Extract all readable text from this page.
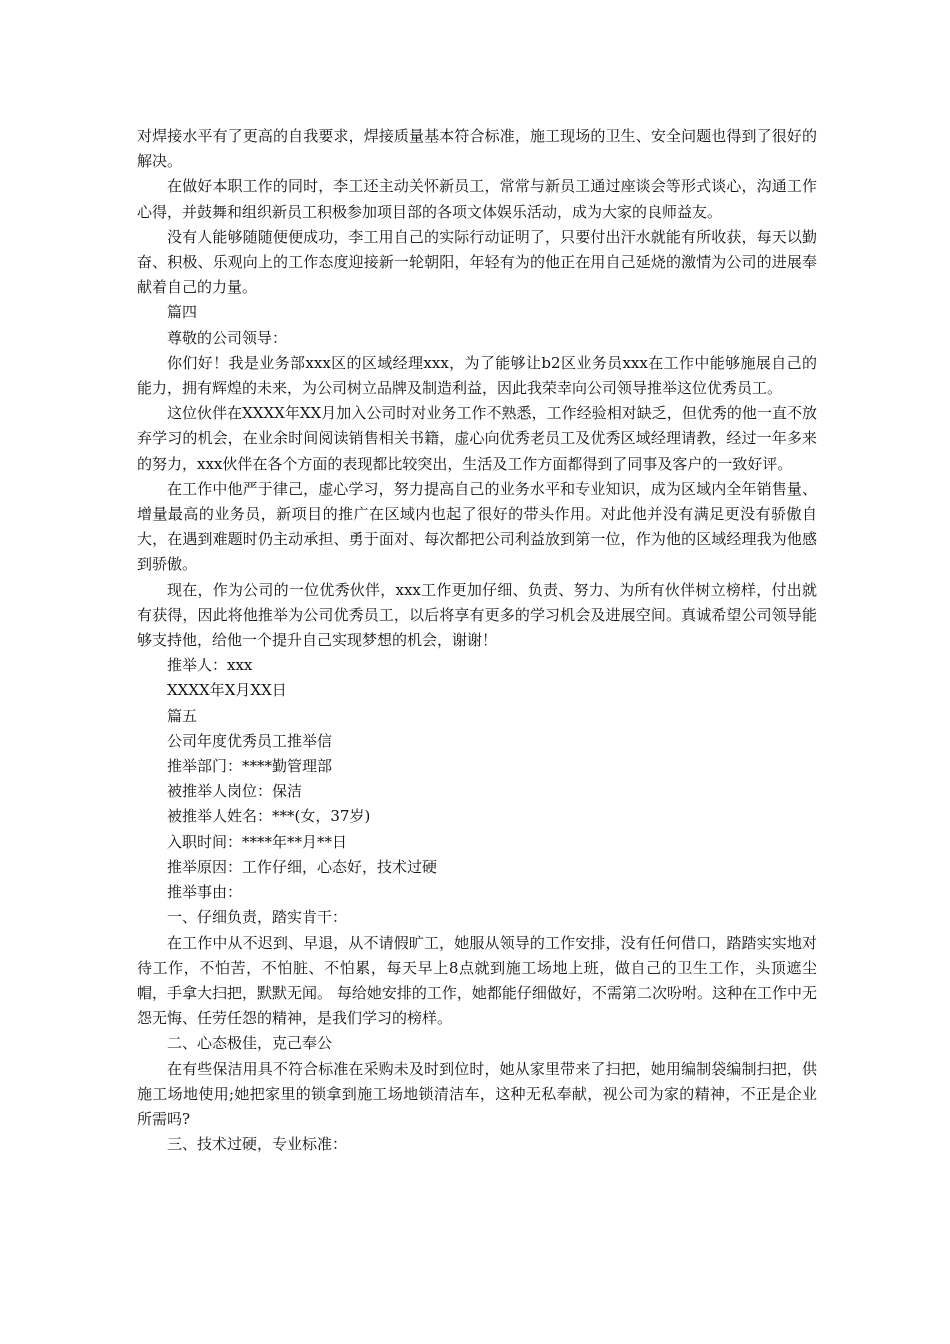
对焊接水平有了更高的自我要求，焊接质量基本符合标准，施工现场的卫生、安全问题也得到了很好的解决。

在做好本职工作的同时，李工还主动关怀新员工，常常与新员工通过座谈会等形式谈心，沟通工作心得，并鼓舞和组织新员工积极参加项目部的各项文体娱乐活动，成为大家的良师益友。

没有人能够随随便便成功，李工用自己的实际行动证明了，只要付出汗水就能有所收获，每天以勤奋、积极、乐观向上的工作态度迎接新一轮朝阳，年轻有为的他正在用自己延烧的激情为公司的进展奉献着自己的力量。

篇四

尊敬的公司领导：

你们好！我是业务部xxx区的区域经理xxx，为了能够让b2区业务员xxx在工作中能够施展自己的能力，拥有辉煌的未来，为公司树立品牌及制造利益，因此我荣幸向公司领导推举这位优秀员工。

这位伙伴在XXXX年XX月加入公司时对业务工作不熟悉，工作经验相对缺乏，但优秀的他一直不放弃学习的机会，在业余时间阅读销售相关书籍，虚心向优秀老员工及优秀区域经理请教，经过一年多来的努力，xxx伙伴在各个方面的表现都比较突出，生活及工作方面都得到了同事及客户的一致好评。

在工作中他严于律己，虚心学习，努力提高自己的业务水平和专业知识，成为区域内全年销售量、增量最高的业务员，新项目的推广在区域内也起了很好的带头作用。对此他并没有满足更没有骄傲自大，在遇到难题时仍主动承担、勇于面对、每次都把公司利益放到第一位，作为他的区域经理我为他感到骄傲。

现在，作为公司的一位优秀伙伴，xxx工作更加仔细、负责、努力、为所有伙伴树立榜样，付出就有获得，因此将他推举为公司优秀员工，以后将享有更多的学习机会及进展空间。真诚希望公司领导能够支持他，给他一个提升自己实现梦想的机会，谢谢！

推举人：xxx

XXXX年X月XX日

篇五

公司年度优秀员工推举信

推举部门：****勤管理部

被推举人岗位：保洁

被推举人姓名：***(女，37岁)

入职时间：****年**月**日

推举原因：工作仔细，心态好，技术过硬

推举事由：

一、仔细负责，踏实肯干：

在工作中从不迟到、早退，从不请假旷工，她服从领导的工作安排，没有任何借口，踏踏实实地对待工作，不怕苦，不怕脏、不怕累，每天早上8点就到施工场地上班，做自己的卫生工作，头顶遮尘帽，手拿大扫把，默默无闻。 每给她安排的工作，她都能仔细做好，不需第二次吩咐。这种在工作中无怨无悔、任劳任怨的精神，是我们学习的榜样。

二、心态极佳，克己奉公

在有些保洁用具不符合标准在采购未及时到位时，她从家里带来了扫把，她用编制袋编制扫把，供施工场地使用;她把家里的锁拿到施工场地锁清洁车，这种无私奉献，视公司为家的精神，不正是企业所需吗?

三、技术过硬，专业标准：
